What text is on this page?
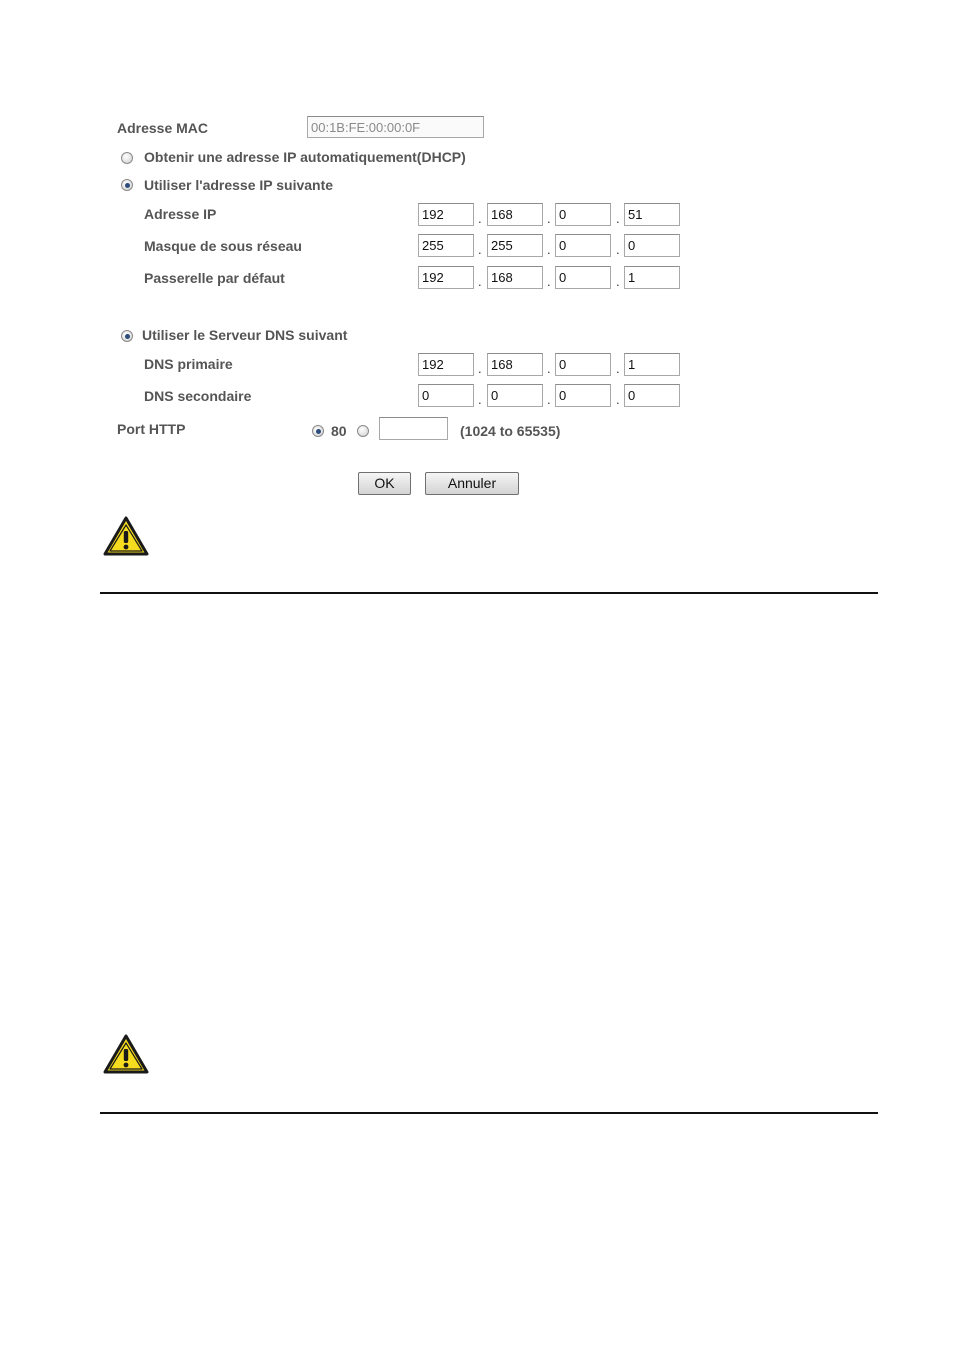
Adresse MAC
00:1B:FE:00:00:0F
Obtenir une adresse IP automatiquement(DHCP)
Utiliser l'adresse IP suivante
Adresse IP
192	.
168	.
0	.
51
Masque de sous réseau
255	.
255	.
0	.
0
Passerelle par défaut
192	.
168	.
0	.
1
Utiliser le Serveur DNS suivant
DNS primaire
192	.
168	.
0	.
1
DNS secondaire
0	.
0	.
0	.
0
Port HTTP	80	(1024 to 65535)
OK	Annuler
